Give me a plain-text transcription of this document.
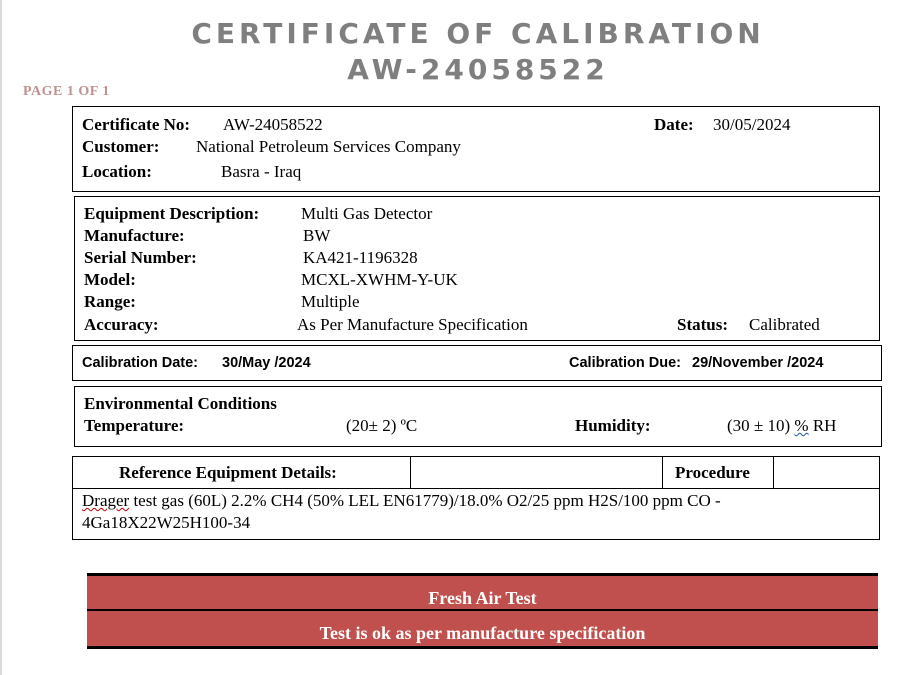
CERTIFICATE OF CALIBRATION
AW-24058522
PAGE 1 OF 1
Certificate No: AW-24058522	Date: 30/05/2024
Customer: National Petroleum Services Company
Location:	Basra - Iraq
Equipment Description: Multi Gas Detector
Manufacture:	BW
Serial Number:	KA421-1196328
Model:	MCXL-XWHM-Y-UK
Range:	Multiple
Accuracy:	As Per Manufacture Specification	Status: Calibrated
Calibration Date: 30/May /2024	Calibration Due: 29/November /2024
Environmental Conditions
Temperature:	(20± 2) ºC	Humidity:	(30 ± 10) % RH
Reference Equipment Details:	Procedure
Drager test gas (60L) 2.2% CH4 (50% LEL EN61779)/18.0% O2/25 ppm H2S/100 ppm CO -
4Ga18X22W25H100-34
Fresh Air Test
Test is ok as per manufacture specification
